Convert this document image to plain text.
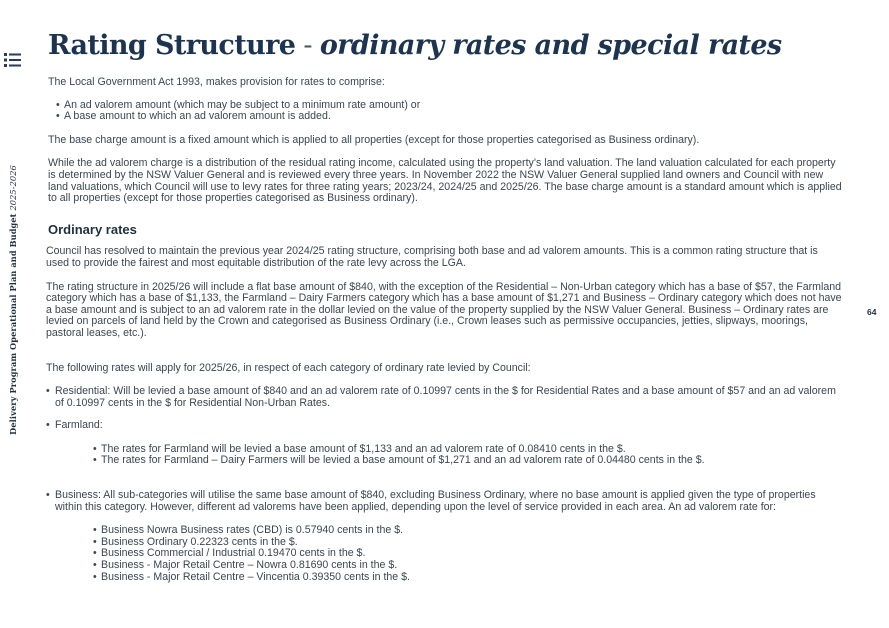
Delivery Program Operational Plan and Budget 2025-2026
64
Rating Structure - ordinary rates and special rates

The Local Government Act 1993, makes provision for rates to comprise:

• An ad valorem amount (which may be subject to a minimum rate amount) or
• A base amount to which an ad valorem amount is added.

The base charge amount is a fixed amount which is applied to all properties (except for those properties categorised as Business ordinary).

While the ad valorem charge is a distribution of the residual rating income, calculated using the property’s land valuation. The land valuation calculated for each property is determined by the NSW Valuer General and is reviewed every three years. In November 2022 the NSW Valuer General supplied land owners and Council with new land valuations, which Council will use to levy rates for three rating years; 2023/24, 2024/25 and 2025/26. The base charge amount is a standard amount which is applied to all properties (except for those properties categorised as Business ordinary).

Ordinary rates

Council has resolved to maintain the previous year 2024/25 rating structure, comprising both base and ad valorem amounts. This is a common rating structure that is used to provide the fairest and most equitable distribution of the rate levy across the LGA.

The rating structure in 2025/26 will include a flat base amount of $840, with the exception of the Residential – Non-Urban category which has a base of $57, the Farmland category which has a base of $1,133, the Farmland – Dairy Farmers category which has a base amount of $1,271 and Business – Ordinary category which does not have a base amount and is subject to an ad valorem rate in the dollar levied on the value of the property supplied by the NSW Valuer General. Business – Ordinary rates are levied on parcels of land held by the Crown and categorised as Business Ordinary (i.e., Crown leases such as permissive occupancies, jetties, slipways, moorings, pastoral leases, etc.).

The following rates will apply for 2025/26, in respect of each category of ordinary rate levied by Council:

• Residential: Will be levied a base amount of $840 and an ad valorem rate of 0.10997 cents in the $ for Residential Rates and a base amount of $57 and an ad valorem of 0.10997 cents in the $ for Residential Non-Urban Rates.
• Farmland:
• The rates for Farmland will be levied a base amount of $1,133 and an ad valorem rate of 0.08410 cents in the $.
• The rates for Farmland – Dairy Farmers will be levied a base amount of $1,271 and an ad valorem rate of 0.04480 cents in the $.
• Business: All sub-categories will utilise the same base amount of $840, excluding Business Ordinary, where no base amount is applied given the type of properties within this category. However, different ad valorems have been applied, depending upon the level of service provided in each area. An ad valorem rate for:
• Business Nowra Business rates (CBD) is 0.57940 cents in the $.
• Business Ordinary 0.22323 cents in the $.
• Business Commercial / Industrial 0.19470 cents in the $.
• Business - Major Retail Centre – Nowra 0.81690 cents in the $.
• Business - Major Retail Centre – Vincentia 0.39350 cents in the $.
